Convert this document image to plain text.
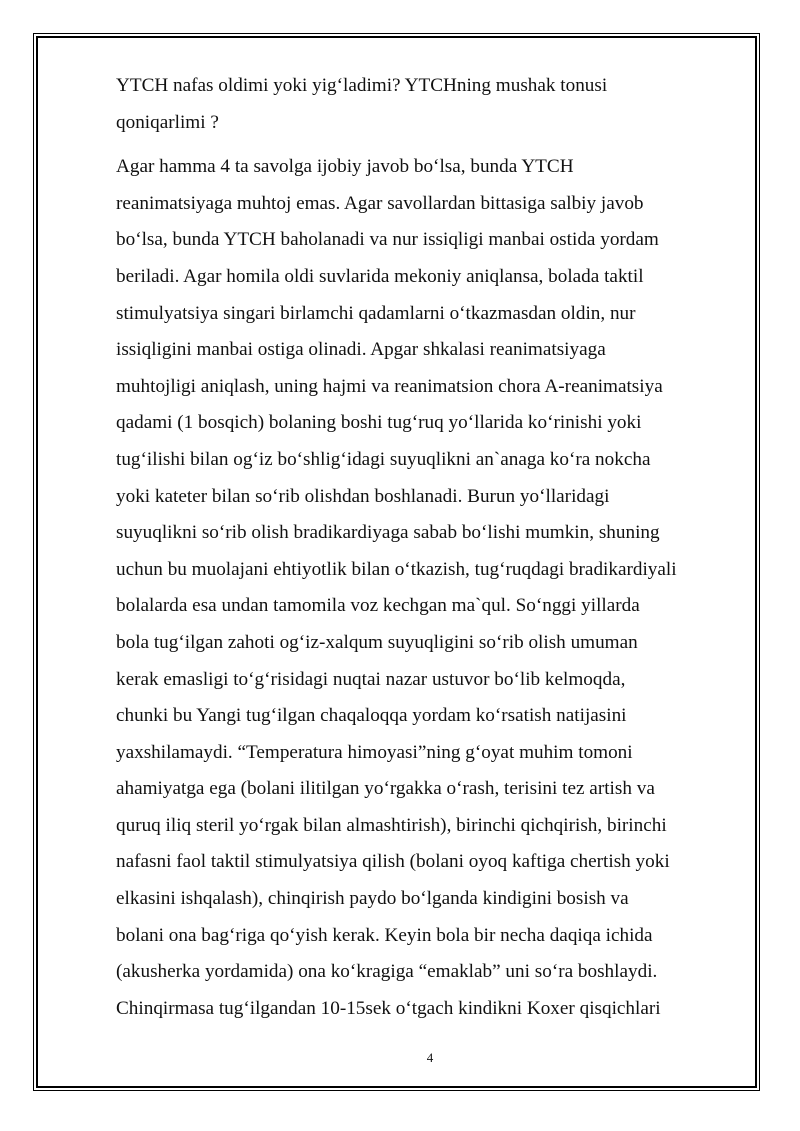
YTCH nafas oldimi yoki yig‘ladimi? YTCHning mushak tonusi
qoniqarlimi ?

Agar hamma 4 ta savolga ijobiy javob bo‘lsa, bunda YTCH
reanimatsiyaga muhtoj emas. Agar savollardan bittasiga salbiy javob
bo‘lsa, bunda YTCH baholanadi va nur issiqligi manbai ostida yordam
beriladi. Agar homila oldi suvlarida mekoniy aniqlansa, bolada taktil
stimulyatsiya singari birlamchi qadamlarni o‘tkazmasdan oldin, nur
issiqligini manbai ostiga olinadi. Apgar shkalasi reanimatsiyaga
muhtojligi aniqlash, uning hajmi va reanimatsion chora A-reanimatsiya
qadami (1 bosqich) bolaning boshi tug‘ruq yo‘llarida ko‘rinishi yoki
tug‘ilishi bilan og‘iz bo‘shlig‘idagi suyuqlikni an`anaga ko‘ra nokcha
yoki kateter bilan so‘rib olishdan boshlanadi. Burun yo‘llaridagi
suyuqlikni so‘rib olish bradikardiyaga sabab bo‘lishi mumkin, shuning
uchun bu muolajani ehtiyotlik bilan o‘tkazish, tug‘ruqdagi bradikardiyali
bolalarda esa undan tamomila voz kechgan ma`qul. So‘nggi yillarda
bola tug‘ilgan zahoti og‘iz-xalqum suyuqligini so‘rib olish umuman
kerak emasligi to‘g‘risidagi nuqtai nazar ustuvor bo‘lib kelmoqda,
chunki bu Yangi tug‘ilgan chaqaloqqa yordam ko‘rsatish natijasini
yaxshilamaydi. “Temperatura himoyasi”ning g‘oyat muhim tomoni
ahamiyatga ega (bolani ilitilgan yo‘rgakka o‘rash, terisini tez artish va
quruq iliq steril yo‘rgak bilan almashtirish), birinchi qichqirish, birinchi
nafasni faol taktil stimulyatsiya qilish (bolani oyoq kaftiga chertish yoki
elkasini ishqalash), chinqirish paydo bo‘lganda kindigini bosish va
bolani ona bag‘riga qo‘yish kerak. Keyin bola bir necha daqiqa ichida
(akusherka yordamida) ona ko‘kragiga “emaklab” uni so‘ra boshlaydi.
Chinqirmasa tug‘ilgandan 10-15sek o‘tgach kindikni Koxer qisqichlari

4
